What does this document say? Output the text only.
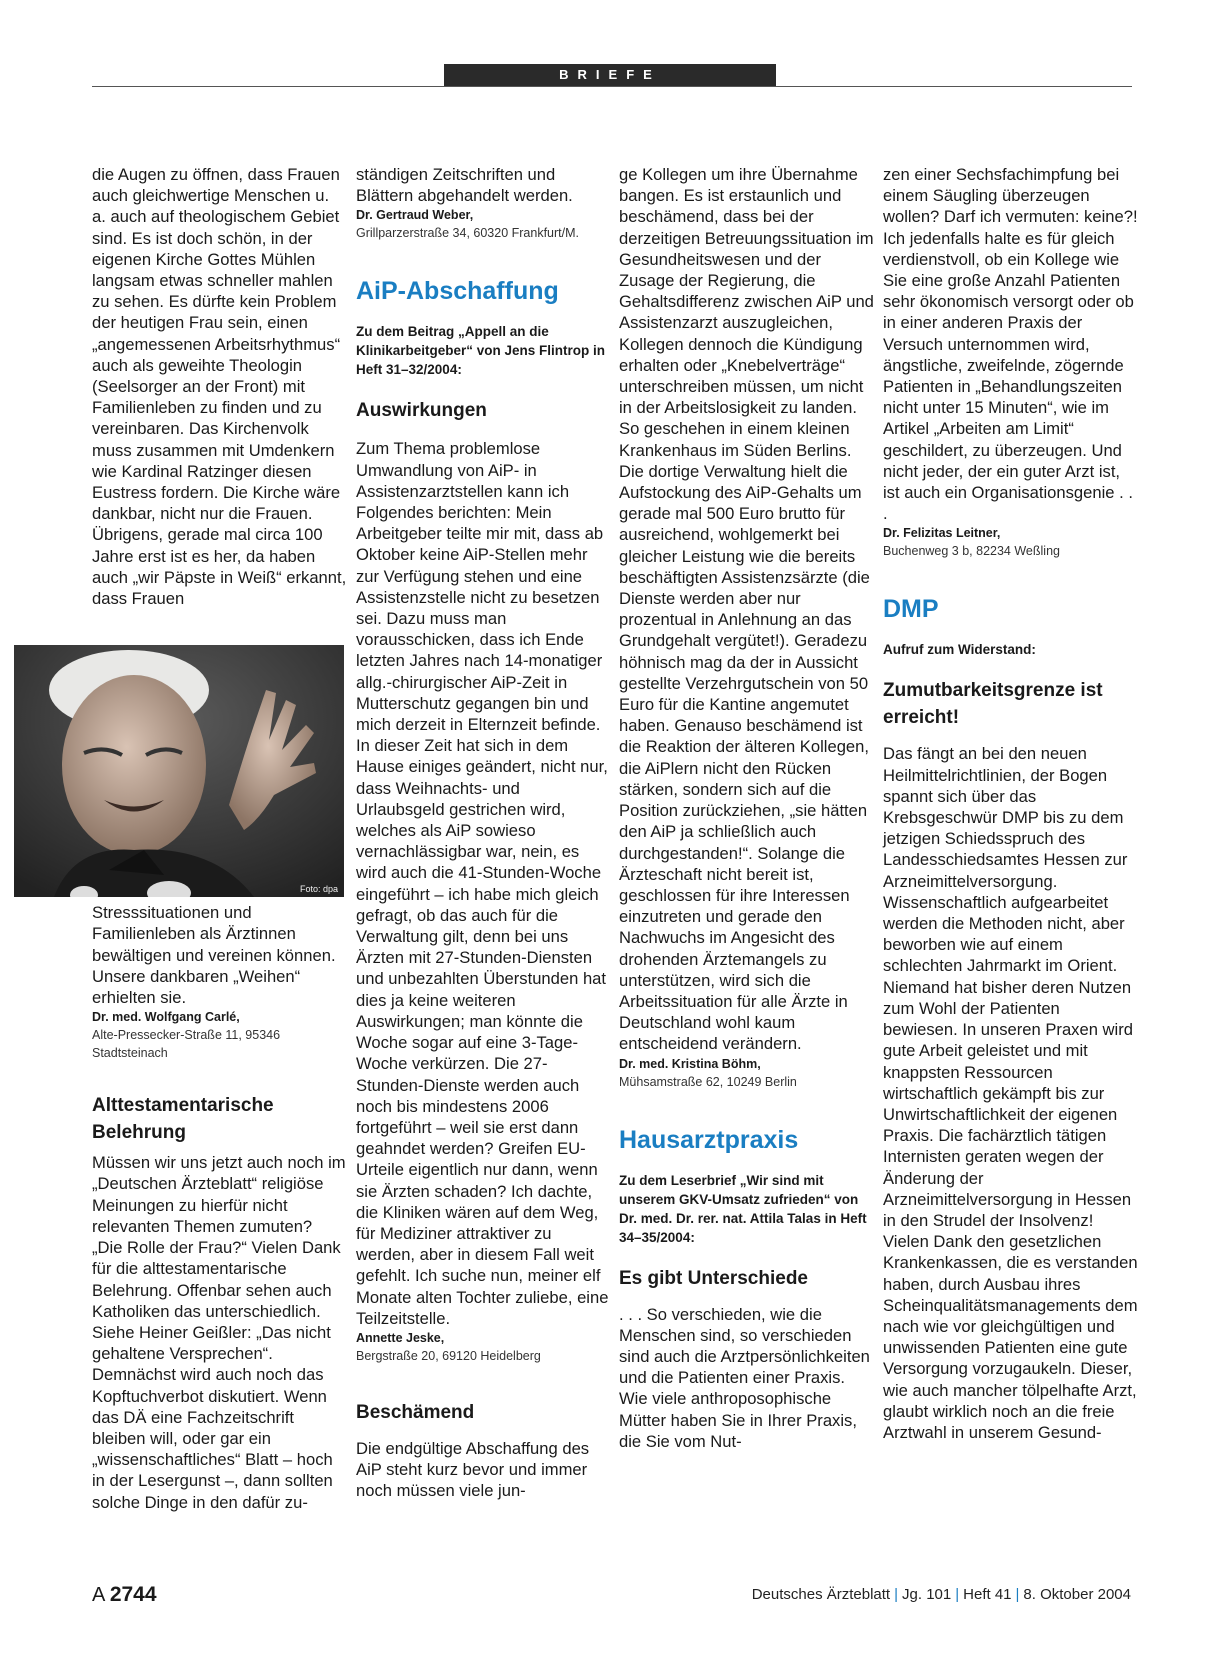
BRIEFE

die Augen zu öffnen, dass Frauen auch gleichwertige Menschen u. a. auch auf theologischem Gebiet sind. Es ist doch schön, in der eigenen Kirche Gottes Mühlen langsam etwas schneller mahlen zu sehen. Es dürfte kein Problem der heutigen Frau sein, einen „angemessenen Arbeitsrhythmus“ auch als geweihte Theologin (Seelsorger an der Front) mit Familienleben zu finden und zu vereinbaren. Das Kirchenvolk muss zusammen mit Umdenkern wie Kardinal Ratzinger diesen Eustress fordern. Die Kirche wäre dankbar, nicht nur die Frauen. Übrigens, gerade mal circa 100 Jahre erst ist es her, da haben auch „wir Päpste in Weiß“ erkannt, dass Frauen

Stresssituationen und Familienleben als Ärztinnen bewältigen und vereinen können. Unsere dankbaren „Weihen“ erhielten sie.

Dr. med. Wolfgang Carlé,

Alte-Pressecker-Straße 11, 95346 Stadtsteinach

Alttestamentarische Belehrung

Müssen wir uns jetzt auch noch im „Deutschen Ärzteblatt“ religiöse Meinungen zu hierfür nicht relevanten Themen zumuten? „Die Rolle der Frau?“ Vielen Dank für die alttestamentarische Belehrung. Offenbar sehen auch Katholiken das unterschiedlich. Siehe Heiner Geißler: „Das nicht gehaltene Versprechen“. Demnächst wird auch noch das Kopftuchverbot diskutiert. Wenn das DÄ eine Fachzeitschrift bleiben will, oder gar ein „wissenschaftliches“ Blatt – hoch in der Lesergunst –, dann sollten solche Dinge in den dafür zu-

Foto: dpa

ständigen Zeitschriften und Blättern abgehandelt werden.

Dr. Gertraud Weber,

Grillparzerstraße 34, 60320 Frankfurt/M.

AiP-Abschaffung

Zu dem Beitrag „Appell an die Klinikarbeitgeber“ von Jens Flintrop in Heft 31–32/2004:

Auswirkungen

Zum Thema problemlose Umwandlung von AiP- in Assistenzarztstellen kann ich Folgendes berichten: Mein Arbeitgeber teilte mir mit, dass ab Oktober keine AiP-Stellen mehr zur Verfügung stehen und eine Assistenzstelle nicht zu besetzen sei. Dazu muss man vorausschicken, dass ich Ende letzten Jahres nach 14-monatiger allg.-chirurgischer AiP-Zeit in Mutterschutz gegangen bin und mich derzeit in Elternzeit befinde. In dieser Zeit hat sich in dem Hause einiges geändert, nicht nur, dass Weihnachts- und Urlaubsgeld gestrichen wird, welches als AiP sowieso vernachlässigbar war, nein, es wird auch die 41-Stunden-Woche eingeführt – ich habe mich gleich gefragt, ob das auch für die Verwaltung gilt, denn bei uns Ärzten mit 27-Stunden-Diensten und unbezahlten Überstunden hat dies ja keine weiteren Auswirkungen; man könnte die Woche sogar auf eine 3-Tage-Woche verkürzen. Die 27-Stunden-Dienste werden auch noch bis mindestens 2006 fortgeführt – weil sie erst dann geahndet werden? Greifen EU-Urteile eigentlich nur dann, wenn sie Ärzten schaden? Ich dachte, die Kliniken wären auf dem Weg, für Mediziner attraktiver zu werden, aber in diesem Fall weit gefehlt. Ich suche nun, meiner elf Monate alten Tochter zuliebe, eine Teilzeitstelle.

Annette Jeske,

Bergstraße 20, 69120 Heidelberg

Beschämend

Die endgültige Abschaffung des AiP steht kurz bevor und immer noch müssen viele jun-

ge Kollegen um ihre Übernahme bangen. Es ist erstaunlich und beschämend, dass bei der derzeitigen Betreuungssituation im Gesundheitswesen und der Zusage der Regierung, die Gehaltsdifferenz zwischen AiP und Assistenzarzt auszugleichen, Kollegen dennoch die Kündigung erhalten oder „Knebelverträge“ unterschreiben müssen, um nicht in der Arbeitslosigkeit zu landen. So geschehen in einem kleinen Krankenhaus im Süden Berlins. Die dortige Verwaltung hielt die Aufstockung des AiP-Gehalts um gerade mal 500 Euro brutto für ausreichend, wohlgemerkt bei gleicher Leistung wie die bereits beschäftigten Assistenzsärzte (die Dienste werden aber nur prozentual in Anlehnung an das Grundgehalt vergütet!). Geradezu höhnisch mag da der in Aussicht gestellte Verzehrgutschein von 50 Euro für die Kantine angemutet haben. Genauso beschämend ist die Reaktion der älteren Kollegen, die AiPlern nicht den Rücken stärken, sondern sich auf die Position zurückziehen, „sie hätten den AiP ja schließlich auch durchgestanden!“. Solange die Ärzteschaft nicht bereit ist, geschlossen für ihre Interessen einzutreten und gerade den Nachwuchs im Angesicht des drohenden Ärztemangels zu unterstützen, wird sich die Arbeitssituation für alle Ärzte in Deutschland wohl kaum entscheidend verändern.

Dr. med. Kristina Böhm,

Mühsamstraße 62, 10249 Berlin

Hausarztpraxis

Zu dem Leserbrief „Wir sind mit unserem GKV-Umsatz zufrieden“ von Dr. med. Dr. rer. nat. Attila Talas in Heft 34–35/2004:

Es gibt Unterschiede

. . . So verschieden, wie die Menschen sind, so verschieden sind auch die Arztpersönlichkeiten und die Patienten einer Praxis. Wie viele anthroposophische Mütter haben Sie in Ihrer Praxis, die Sie vom Nut-

zen einer Sechsfachimpfung bei einem Säugling überzeugen wollen? Darf ich vermuten: keine?!

Ich jedenfalls halte es für gleich verdienstvoll, ob ein Kollege wie Sie eine große Anzahl Patienten sehr ökonomisch versorgt oder ob in einer anderen Praxis der Versuch unternommen wird, ängstliche, zweifelnde, zögernde Patienten in „Behandlungszeiten nicht unter 15 Minuten“, wie im Artikel „Arbeiten am Limit“ geschildert, zu überzeugen. Und nicht jeder, der ein guter Arzt ist, ist auch ein Organisationsgenie . . .

Dr. Felizitas Leitner,

Buchenweg 3 b, 82234 Weßling

DMP

Aufruf zum Widerstand:

Zumutbarkeitsgrenze ist erreicht!

Das fängt an bei den neuen Heilmittelrichtlinien, der Bogen spannt sich über das Krebsgeschwür DMP bis zu dem jetzigen Schiedsspruch des Landesschiedsamtes Hessen zur Arzneimittelversorgung. Wissenschaftlich aufgearbeitet werden die Methoden nicht, aber beworben wie auf einem schlechten Jahrmarkt im Orient. Niemand hat bisher deren Nutzen zum Wohl der Patienten bewiesen. In unseren Praxen wird gute Arbeit geleistet und mit knappsten Ressourcen wirtschaftlich gekämpft bis zur Unwirtschaftlichkeit der eigenen Praxis. Die fachärztlich tätigen Internisten geraten wegen der Änderung der Arzneimittelversorgung in Hessen in den Strudel der Insolvenz! Vielen Dank den gesetzlichen Krankenkassen, die es verstanden haben, durch Ausbau ihres Scheinqualitätsmanagements dem nach wie vor gleichgültigen und unwissenden Patienten eine gute Versorgung vorzugaukeln. Dieser, wie auch mancher tölpelhafte Arzt, glaubt wirklich noch an die freie Arztwahl in unserem Gesund-

A 2744	Deutsches Ärzteblatt | Jg. 101 | Heft 41 | 8. Oktober 2004
